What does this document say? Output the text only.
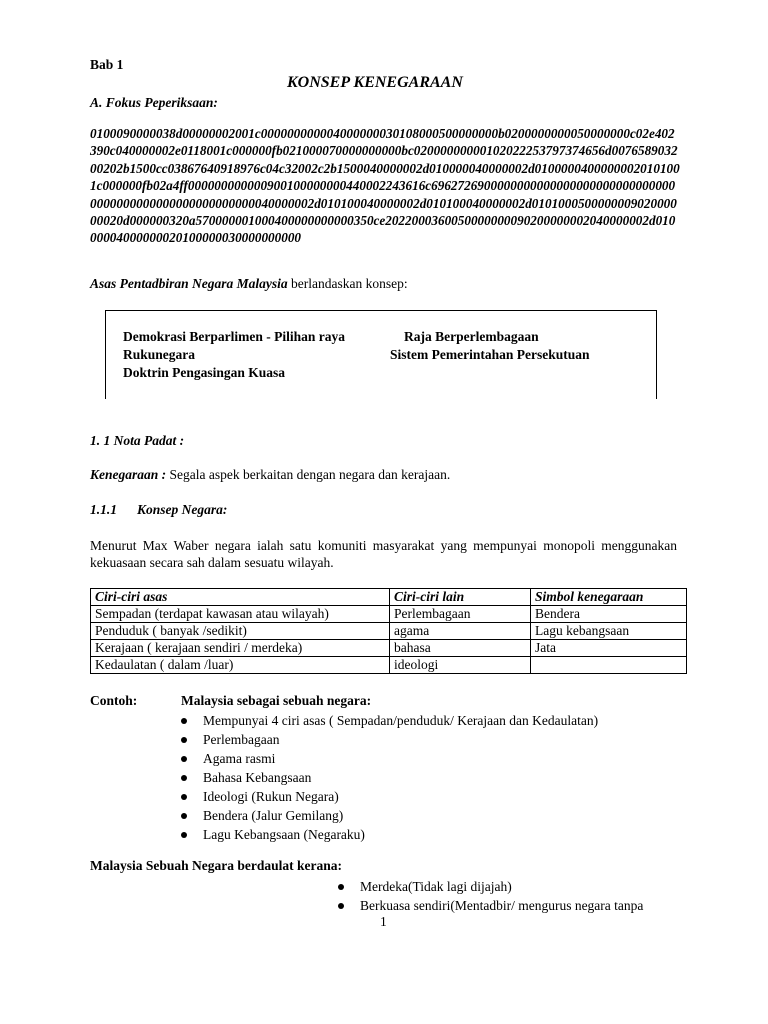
Bab 1
KONSEP KENEGARAAN
A. Fokus Peperiksaan:
0100090000038d00000002001c000000000004000000030108000500000000b0200000000050000000c02e402390c040000002e0118001c000000fb021000070000000000bc02000000000102022253797374656d007658903200202b1500cc03867640918976c04c32002c2b1500040000002d010000040000002d01000004000000020101001c000000fb02a4ff000000000000900100000000440002243616c69627269000000000000000000000000000000000000000000000000000000040000002d010100040000002d010100040000002d010100050000000902000000020d000000320a570000001000400000000000350ce2022000360050000000090200000002040000002d01000004000000020100000030000000000
Asas Pentadbiran Negara Malaysia berlandaskan konsep:
Demokrasi Berparlimen - Pilihan raya	Raja Berperlembagaan
Rukunegara	Sistem Pemerintahan Persekutuan
Doktrin Pengasingan Kuasa
1. 1 Nota Padat :
Kenegaraan : Segala aspek berkaitan dengan negara dan kerajaan.
1.1.1 Konsep Negara:
Menurut Max Waber negara ialah satu komuniti masyarakat yang mempunyai monopoli menggunakan kekuasaan secara sah dalam sesuatu wilayah.
Ciri-ciri asas	Ciri-ciri lain	Simbol kenegaraan
Sempadan (terdapat kawasan atau wilayah)	Perlembagaan	Bendera
Penduduk ( banyak /sedikit)	agama	Lagu kebangsaan
Kerajaan ( kerajaan sendiri / merdeka)	bahasa	Jata
Kedaulatan ( dalam /luar)	ideologi	
Contoh:	Malaysia sebagai sebuah negara:
Mempunyai 4 ciri asas ( Sempadan/penduduk/ Kerajaan dan Kedaulatan)
Perlembagaan
Agama rasmi
Bahasa Kebangsaan
Ideologi (Rukun Negara)
Bendera (Jalur Gemilang)
Lagu Kebangsaan (Negaraku)
Malaysia Sebuah Negara berdaulat kerana:
Merdeka(Tidak lagi dijajah)
Berkuasa sendiri(Mentadbir/ mengurus negara tanpa
1
